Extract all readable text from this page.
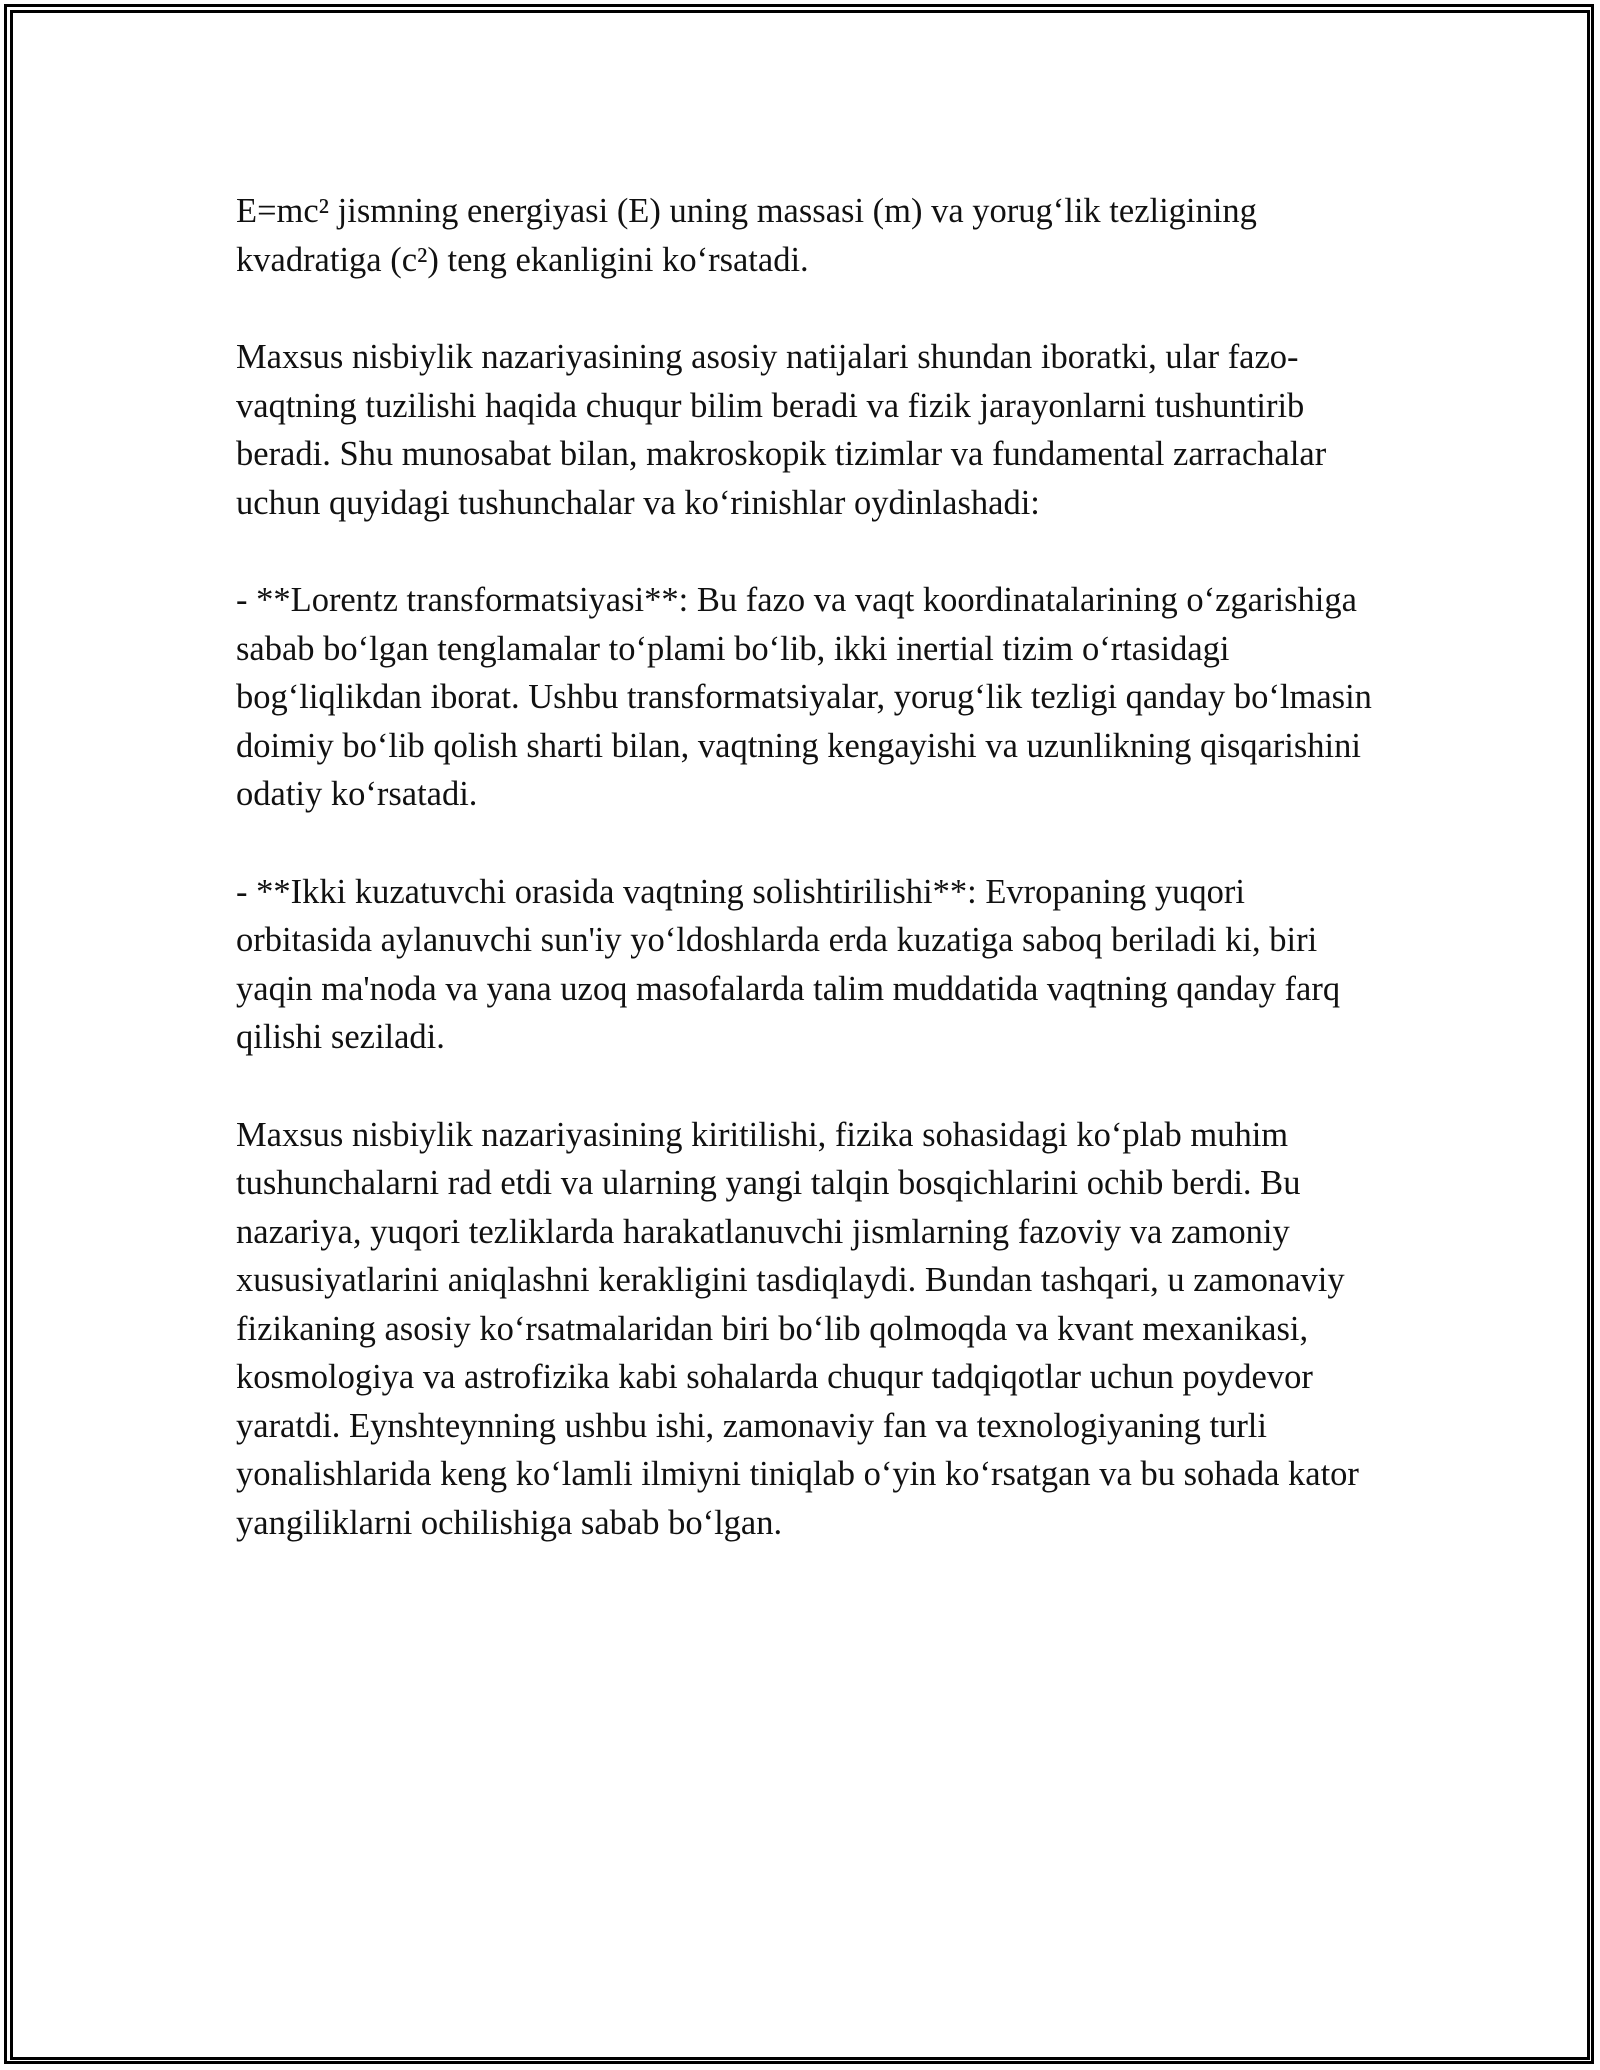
E=mc² jismning energiyasi (E) uning massasi (m) va yorug‘lik tezligining kvadratiga (c²) teng ekanligini ko‘rsatadi.

Maxsus nisbiylik nazariyasining asosiy natijalari shundan iboratki, ular fazo-vaqtning tuzilishi haqida chuqur bilim beradi va fizik jarayonlarni tushuntirib beradi. Shu munosabat bilan, makroskopik tizimlar va fundamental zarrachalar uchun quyidagi tushunchalar va ko‘rinishlar oydinlashadi:

- **Lorentz transformatsiyasi**: Bu fazo va vaqt koordinatalarining o‘zgarishiga sabab bo‘lgan tenglamalar to‘plami bo‘lib, ikki inertial tizim o‘rtasidagi bog‘liqlikdan iborat. Ushbu transformatsiyalar, yorug‘lik tezligi qanday bo‘lmasin doimiy bo‘lib qolish sharti bilan, vaqtning kengayishi va uzunlikning qisqarishini odatiy ko‘rsatadi.

- **Ikki kuzatuvchi orasida vaqtning solishtirilishi**: Evropaning yuqori orbitasida aylanuvchi sun'iy yo‘ldoshlarda erda kuzatiga saboq beriladi ki, biri yaqin ma'noda va yana uzoq masofalarda talim muddatida vaqtning qanday farq qilishi seziladi.

Maxsus nisbiylik nazariyasining kiritilishi, fizika sohasidagi ko‘plab muhim tushunchalarni rad etdi va ularning yangi talqin bosqichlarini ochib berdi. Bu nazariya, yuqori tezliklarda harakatlanuvchi jismlarning fazoviy va zamoniy xususiyatlarini aniqlashni kerakligini tasdiqlaydi. Bundan tashqari, u zamonaviy fizikaning asosiy ko‘rsatmalaridan biri bo‘lib qolmoqda va kvant mexanikasi, kosmologiya va astrofizika kabi sohalarda chuqur tadqiqotlar uchun poydevor yaratdi. Eynshteynning ushbu ishi, zamonaviy fan va texnologiyaning turli yonalishlarida keng ko‘lamli ilmiyni tiniqlab o‘yin ko‘rsatgan va bu sohada kator yangiliklarni ochilishiga sabab bo‘lgan.
